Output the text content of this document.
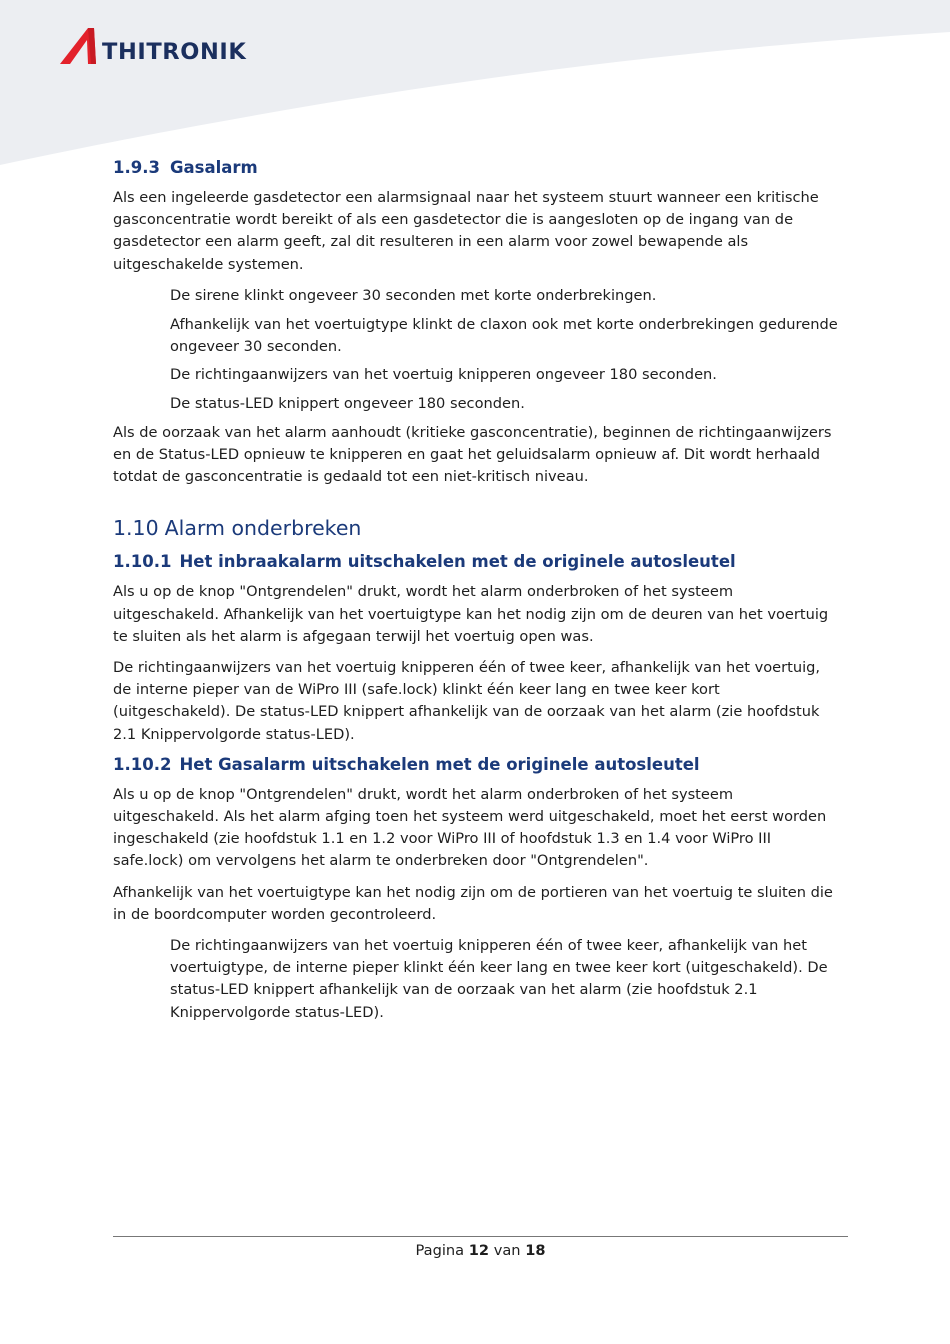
THITRONIK
1.9.3 Gasalarm

Als een ingeleerde gasdetector een alarmsignaal naar het systeem stuurt wanneer een kritische gasconcentratie wordt bereikt of als een gasdetector die is aangesloten op de ingang van de gasdetector een alarm geeft, zal dit resulteren in een alarm voor zowel bewapende als uitgeschakelde systemen.

De sirene klinkt ongeveer 30 seconden met korte onderbrekingen.
Afhankelijk van het voertuigtype klinkt de claxon ook met korte onderbrekingen gedurende ongeveer 30 seconden.
De richtingaanwijzers van het voertuig knipperen ongeveer 180 seconden.
De status-LED knippert ongeveer 180 seconden.

Als de oorzaak van het alarm aanhoudt (kritieke gasconcentratie), beginnen de richtingaanwijzers en de Status-LED opnieuw te knipperen en gaat het geluidsalarm opnieuw af. Dit wordt herhaald totdat de gasconcentratie is gedaald tot een niet-kritisch niveau.

1.10 Alarm onderbreken
1.10.1 Het inbraakalarm uitschakelen met de originele autosleutel

Als u op de knop "Ontgrendelen" drukt, wordt het alarm onderbroken of het systeem uitgeschakeld. Afhankelijk van het voertuigtype kan het nodig zijn om de deuren van het voertuig te sluiten als het alarm is afgegaan terwijl het voertuig open was.

De richtingaanwijzers van het voertuig knipperen één of twee keer, afhankelijk van het voertuig, de interne pieper van de WiPro III (safe.lock) klinkt één keer lang en twee keer kort (uitgeschakeld). De status-LED knippert afhankelijk van de oorzaak van het alarm (zie hoofdstuk 2.1 Knippervolgorde status-LED).

1.10.2 Het Gasalarm uitschakelen met de originele autosleutel

Als u op de knop "Ontgrendelen" drukt, wordt het alarm onderbroken of het systeem uitgeschakeld. Als het alarm afging toen het systeem werd uitgeschakeld, moet het eerst worden ingeschakeld (zie hoofdstuk 1.1 en 1.2 voor WiPro III of hoofdstuk 1.3 en 1.4 voor WiPro III safe.lock) om vervolgens het alarm te onderbreken door "Ontgrendelen".

Afhankelijk van het voertuigtype kan het nodig zijn om de portieren van het voertuig te sluiten die in de boordcomputer worden gecontroleerd.

De richtingaanwijzers van het voertuig knipperen één of twee keer, afhankelijk van het voertuigtype, de interne pieper klinkt één keer lang en twee keer kort (uitgeschakeld). De status-LED knippert afhankelijk van de oorzaak van het alarm (zie hoofdstuk 2.1 Knippervolgorde status-LED).
Pagina 12 van 18
